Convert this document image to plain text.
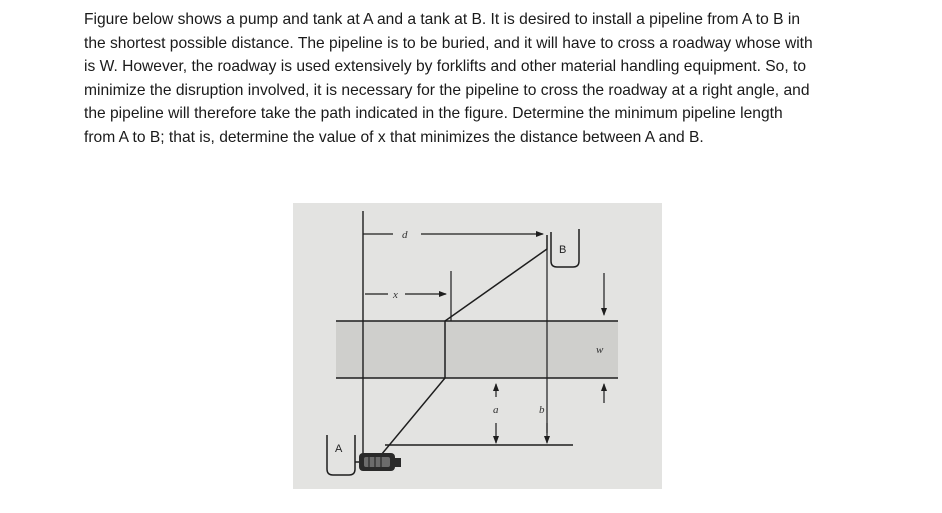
Figure below shows a pump and tank at A and a tank at B. It is desired to install a pipeline from A to B in
the shortest possible distance. The pipeline is to be buried, and it will have to cross a roadway whose with
is W. However, the roadway is used extensively by forklifts and other material handling equipment. So, to
minimize the disruption involved, it is necessary for the pipeline to cross the roadway at a right angle, and
the pipeline will therefore take the path indicated in the figure. Determine the minimum pipeline length
from A to B; that is, determine the value of x that minimizes the distance between A and B.

d
x
B
w
a	b
A
